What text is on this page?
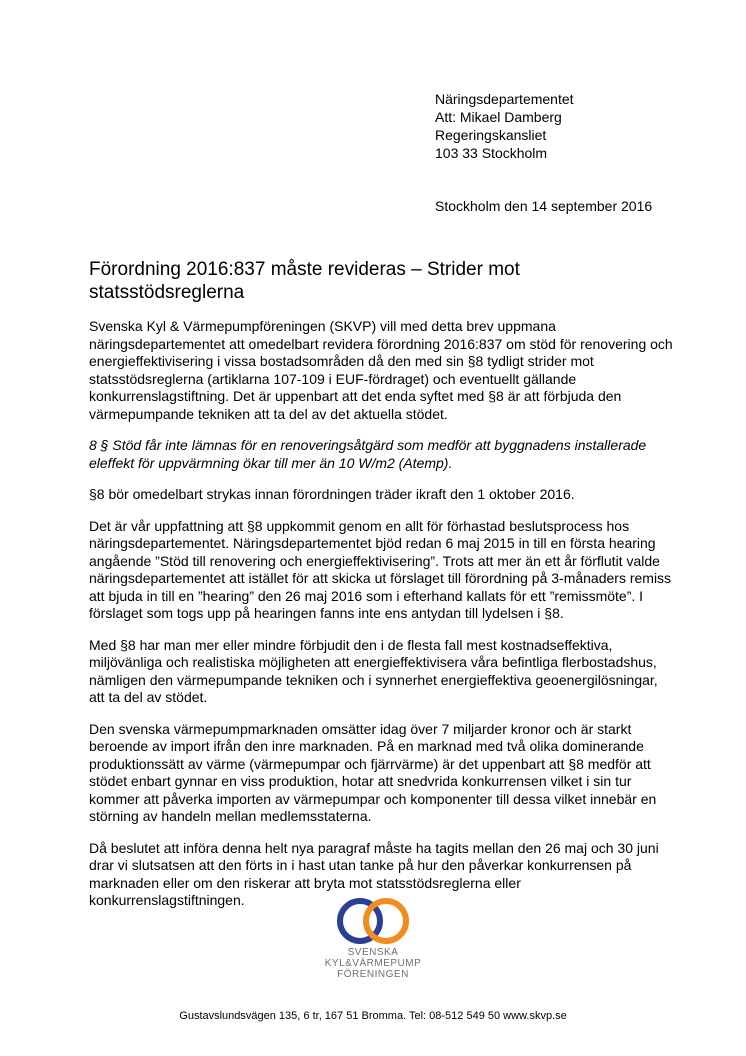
Näringsdepartementet
Att: Mikael Damberg
Regeringskansliet
103 33 Stockholm
Stockholm den 14 september 2016
Förordning 2016:837 måste revideras – Strider mot statsstödsreglerna

Svenska Kyl & Värmepumpföreningen (SKVP) vill med detta brev uppmana näringsdepartementet att omedelbart revidera förordning 2016:837 om stöd för renovering och energieffektivisering i vissa bostadsområden då den med sin §8 tydligt strider mot statsstödsreglerna (artiklarna 107-109 i EUF-fördraget) och eventuellt gällande konkurrenslagstiftning. Det är uppenbart att det enda syftet med §8 är att förbjuda den värmepumpande tekniken att ta del av det aktuella stödet.

8 § Stöd får inte lämnas för en renoveringsåtgärd som medför att byggnadens installerade eleffekt för uppvärmning ökar till mer än 10 W/m2 (Atemp).

§8 bör omedelbart strykas innan förordningen träder ikraft den 1 oktober 2016.

Det är vår uppfattning att §8 uppkommit genom en allt för förhastad beslutsprocess hos näringsdepartementet. Näringsdepartementet bjöd redan 6 maj 2015 in till en första hearing angående ”Stöd till renovering och energieffektivisering”. Trots att mer än ett år förflutit valde näringsdepartementet att istället för att skicka ut förslaget till förordning på 3-månaders remiss att bjuda in till en ”hearing” den 26 maj 2016 som i efterhand kallats för ett ”remissmöte”. I förslaget som togs upp på hearingen fanns inte ens antydan till lydelsen i §8.

Med §8 har man mer eller mindre förbjudit den i de flesta fall mest kostnadseffektiva, miljövänliga och realistiska möjligheten att energieffektivisera våra befintliga flerbostadshus, nämligen den värmepumpande tekniken och i synnerhet energieffektiva geoenergilösningar, att ta del av stödet.

Den svenska värmepumpmarknaden omsätter idag över 7 miljarder kronor och är starkt beroende av import ifrån den inre marknaden. På en marknad med två olika dominerande produktionssätt av värme (värmepumpar och fjärrvärme) är det uppenbart att §8 medför att stödet enbart gynnar en viss produktion, hotar att snedvrida konkurrensen vilket i sin tur kommer att påverka importen av värmepumpar och komponenter till dessa vilket innebär en störning av handeln mellan medlemsstaterna.

Då beslutet att införa denna helt nya paragraf måste ha tagits mellan den 26 maj och 30 juni drar vi slutsatsen att den förts in i hast utan tanke på hur den påverkar konkurrensen på marknaden eller om den riskerar att bryta mot statsstödsreglerna eller konkurrenslagstiftningen.

SVENSKA
KYL&VÄRMEPUMP
FÖRENINGEN
Gustavslundsvägen 135, 6 tr, 167 51 Bromma. Tel: 08-512 549 50 www.skvp.se
